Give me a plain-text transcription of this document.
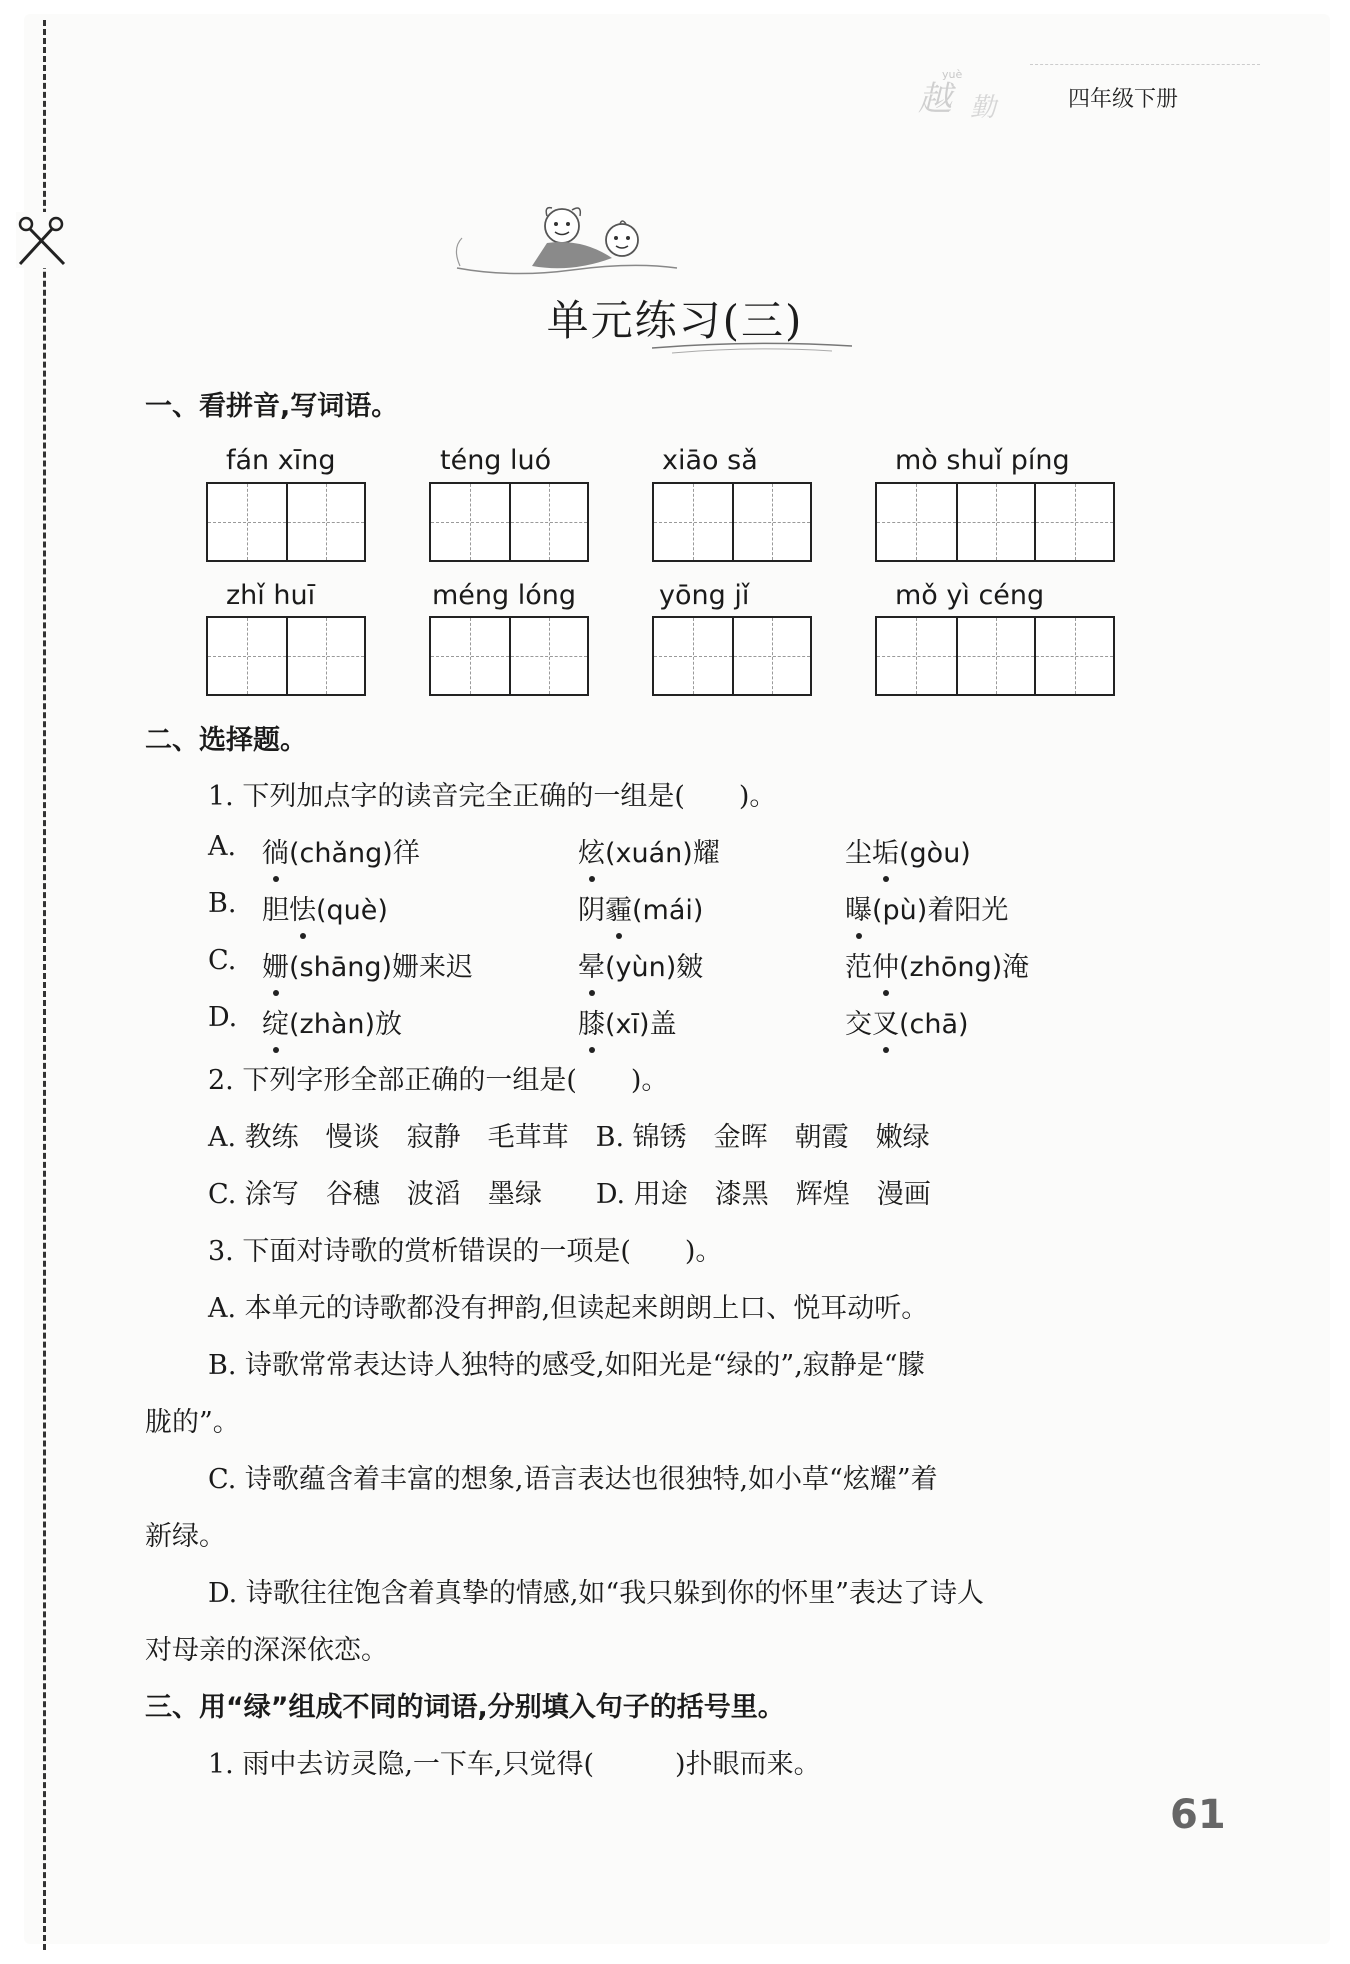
yuè
越 勤	四年级下册
单元练习(三)
一、看拼音,写词语。
fán xīng	téng luó	xiāo sǎ	mò shuǐ píng
zhǐ huī	méng lóng	yōng jǐ	mǒ yì céng
二、选择题。
1. 下列加点字的读音完全正确的一组是(　　)。
A. 徜(chǎng)徉	炫(xuán)耀	尘垢(gòu)
B. 胆怯(què)	阴霾(mái)	曝(pù)着阳光
C. 姗(shāng)姗来迟	晕(yùn)皴	范仲(zhōng)淹
D. 绽(zhàn)放	膝(xī)盖	交叉(chā)
2. 下列字形全部正确的一组是(　　)。
A. 教练　慢谈　寂静　毛茸茸　B. 锦锈　金晖　朝霞　嫩绿
C. 涂写　谷穗　波滔　墨绿　　D. 用途　漆黑　辉煌　漫画
3. 下面对诗歌的赏析错误的一项是(　　)。
A. 本单元的诗歌都没有押韵,但读起来朗朗上口、悦耳动听。
B. 诗歌常常表达诗人独特的感受,如阳光是“绿的”,寂静是“朦
胧的”。
C. 诗歌蕴含着丰富的想象,语言表达也很独特,如小草“炫耀”着
新绿。
D. 诗歌往往饱含着真挚的情感,如“我只躲到你的怀里”表达了诗人
对母亲的深深依恋。
三、用“绿”组成不同的词语,分别填入句子的括号里。
1. 雨中去访灵隐,一下车,只觉得(　　　)扑眼而来。
61
